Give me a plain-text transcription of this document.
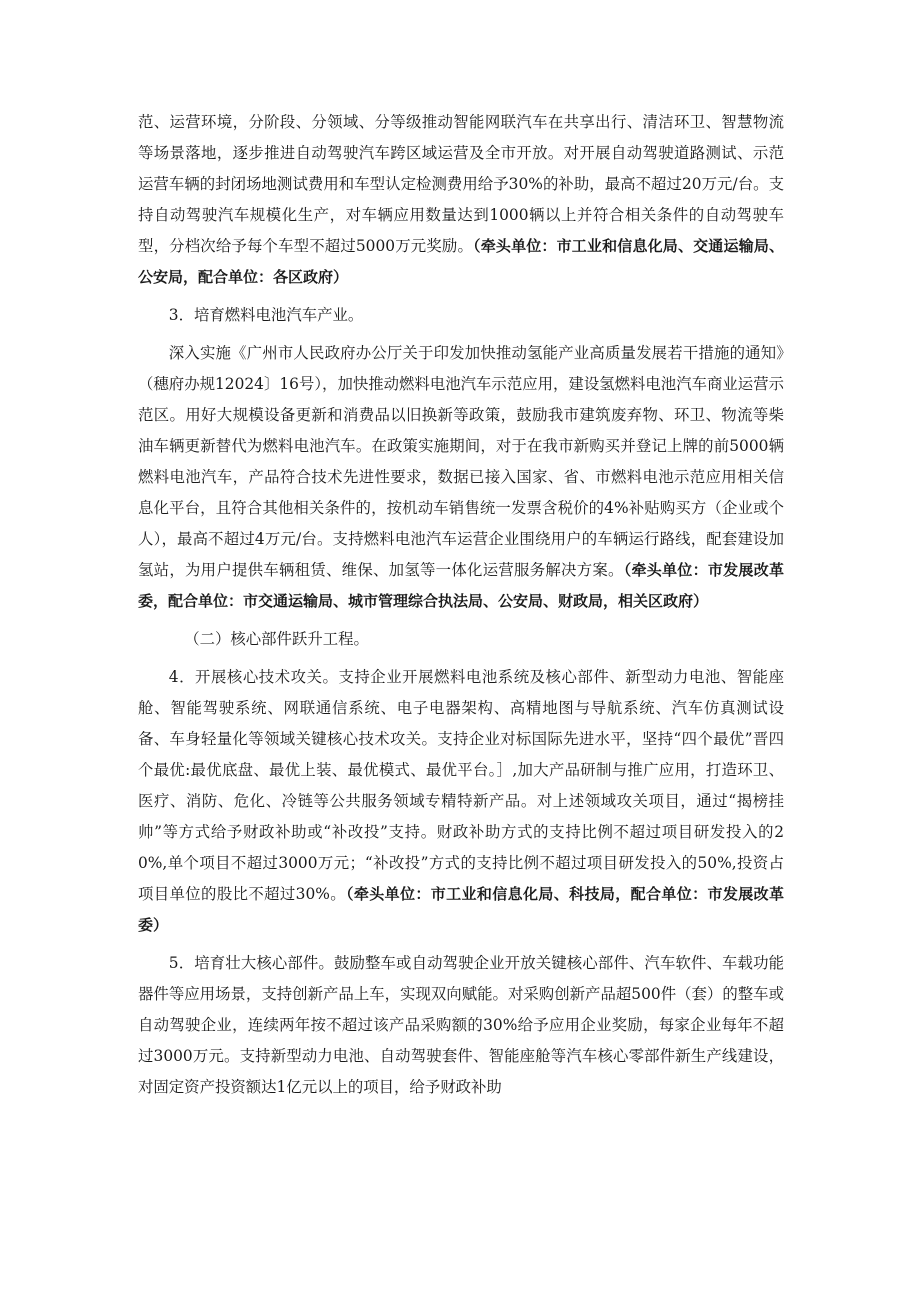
范、运营环境，分阶段、分领域、分等级推动智能网联汽车在共享出行、清洁环卫、智慧物流等场景落地，逐步推进自动驾驶汽车跨区域运营及全市开放。对开展自动驾驶道路测试、示范运营车辆的封闭场地测试费用和车型认定检测费用给予30%的补助，最高不超过20万元/台。支持自动驾驶汽车规模化生产，对车辆应用数量达到1000辆以上并符合相关条件的自动驾驶车型，分档次给予每个车型不超过5000万元奖励。（牵头单位：市工业和信息化局、交通运输局、公安局，配合单位：各区政府）

3．培育燃料电池汽车产业。

深入实施《广州市人民政府办公厅关于印发加快推动氢能产业高质量发展若干措施的通知》（穗府办规12024〕16号），加快推动燃料电池汽车示范应用，建设氢燃料电池汽车商业运营示范区。用好大规模设备更新和消费品以旧换新等政策，鼓励我市建筑废弃物、环卫、物流等柴油车辆更新替代为燃料电池汽车。在政策实施期间，对于在我市新购买并登记上牌的前5000辆燃料电池汽车，产品符合技术先进性要求，数据已接入国家、省、市燃料电池示范应用相关信息化平台，且符合其他相关条件的，按机动车销售统一发票含税价的4%补贴购买方（企业或个人），最高不超过4万元/台。支持燃料电池汽车运营企业围绕用户的车辆运行路线，配套建设加氢站，为用户提供车辆租赁、维保、加氢等一体化运营服务解决方案。（牵头单位：市发展改革委，配合单位：市交通运输局、城市管理综合执法局、公安局、财政局，相关区政府）

（二）核心部件跃升工程。

4．开展核心技术攻关。支持企业开展燃料电池系统及核心部件、新型动力电池、智能座舱、智能驾驶系统、网联通信系统、电子电器架构、高精地图与导航系统、汽车仿真测试设备、车身轻量化等领域关键核心技术攻关。支持企业对标国际先进水平，坚持“四个最优”晋四个最优:最优底盘、最优上装、最优模式、最优平台。］,加大产品研制与推广应用，打造环卫、医疗、消防、危化、冷链等公共服务领域专精特新产品。对上述领域攻关项目，通过“揭榜挂帅”等方式给予财政补助或“补改投”支持。财政补助方式的支持比例不超过项目研发投入的20%,单个项目不超过3000万元；“补改投”方式的支持比例不超过项目研发投入的50%,投资占项目单位的股比不超过30%。（牵头单位：市工业和信息化局、科技局，配合单位：市发展改革委）

5．培育壮大核心部件。鼓励整车或自动驾驶企业开放关键核心部件、汽车软件、车载功能器件等应用场景，支持创新产品上车，实现双向赋能。对采购创新产品超500件（套）的整车或自动驾驶企业，连续两年按不超过该产品采购额的30%给予应用企业奖励，每家企业每年不超过3000万元。支持新型动力电池、自动驾驶套件、智能座舱等汽车核心零部件新生产线建设，对固定资产投资额达1亿元以上的项目，给予财政补助
